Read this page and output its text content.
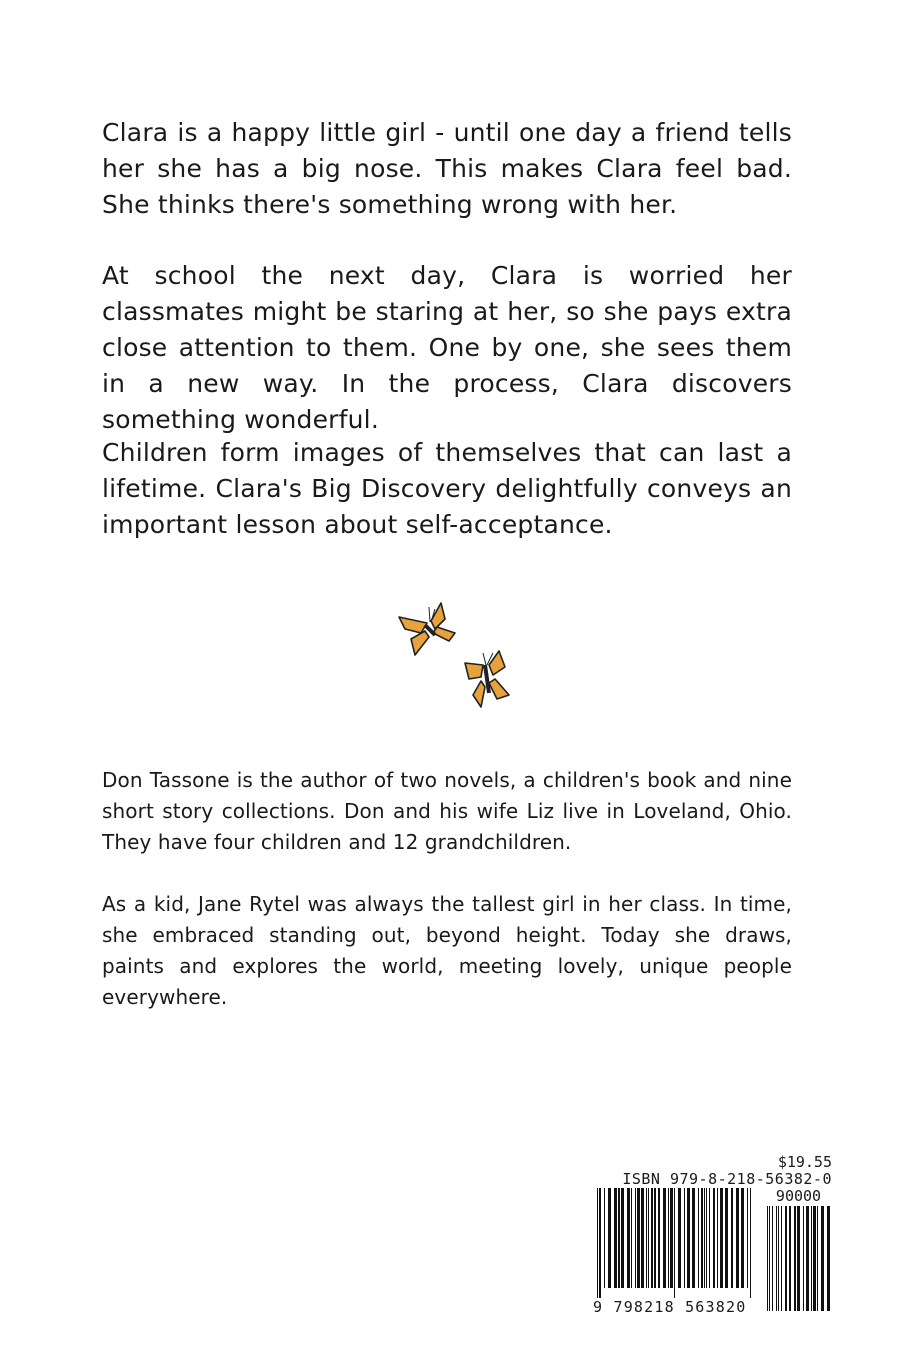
Clara is a happy little girl - until one day a friend tells her she has a big nose. This makes Clara feel bad. She thinks there's something wrong with her.

At school the next day, Clara is worried her classmates might be staring at her, so she pays extra close attention to them. One by one, she sees them in a new way. In the process, Clara discovers something wonderful.

Children form images of themselves that can last a lifetime. Clara's Big Discovery delightfully conveys an important lesson about self-acceptance.

Don Tassone is the author of two novels, a children's book and nine short story collections. Don and his wife Liz live in Loveland, Ohio. They have four children and 12 grandchildren.

As a kid, Jane Rytel was always the tallest girl in her class. In time, she embraced standing out, beyond height. Today she draws, paints and explores the world, meeting lovely, unique people everywhere.

$19.55
ISBN 979-8-218-56382-0
90000
9 798218 563820
